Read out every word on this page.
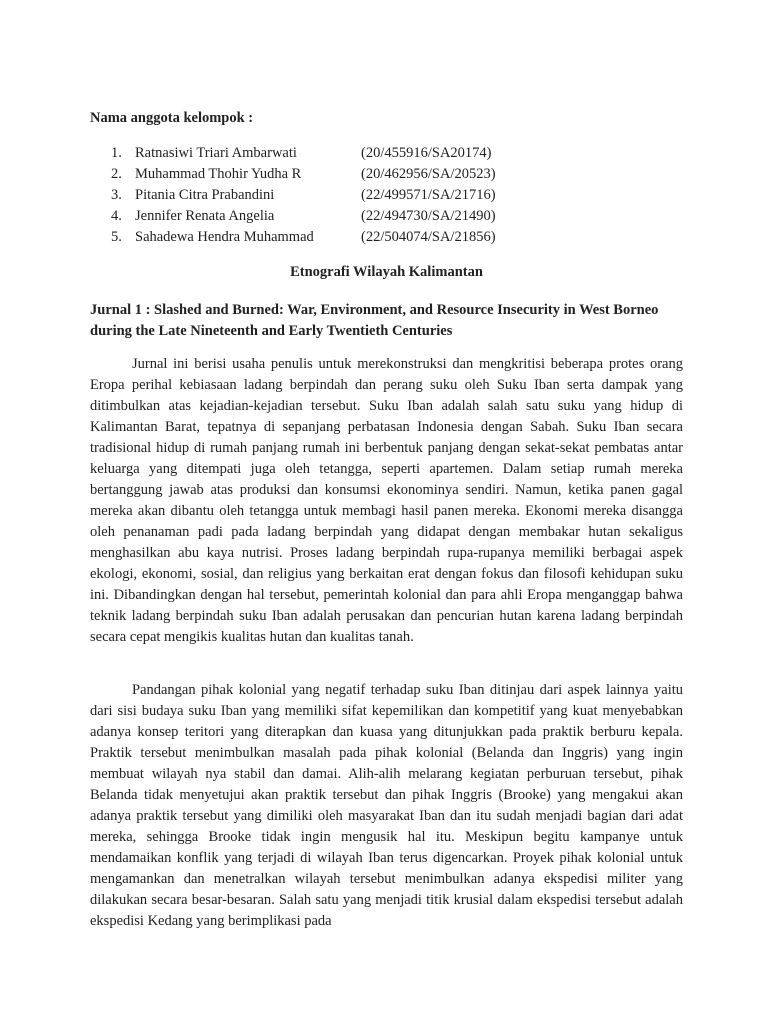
Nama anggota kelompok :
1. Ratnasiwi Triari Ambarwati	(20/455916/SA20174)
2. Muhammad Thohir Yudha R	(20/462956/SA/20523)
3. Pitania Citra Prabandini	(22/499571/SA/21716)
4. Jennifer Renata Angelia	(22/494730/SA/21490)
5. Sahadewa Hendra Muhammad	(22/504074/SA/21856)
Etnografi Wilayah Kalimantan
Jurnal 1 : Slashed and Burned: War, Environment, and Resource Insecurity in West Borneo during the Late Nineteenth and Early Twentieth Centuries

Jurnal ini berisi usaha penulis untuk merekonstruksi dan mengkritisi beberapa protes orang Eropa perihal kebiasaan ladang berpindah dan perang suku oleh Suku Iban serta dampak yang ditimbulkan atas kejadian-kejadian tersebut. Suku Iban adalah salah satu suku yang hidup di Kalimantan Barat, tepatnya di sepanjang perbatasan Indonesia dengan Sabah. Suku Iban secara tradisional hidup di rumah panjang rumah ini berbentuk panjang dengan sekat-sekat pembatas antar keluarga yang ditempati juga oleh tetangga, seperti apartemen. Dalam setiap rumah mereka bertanggung jawab atas produksi dan konsumsi ekonominya sendiri. Namun, ketika panen gagal mereka akan dibantu oleh tetangga untuk membagi hasil panen mereka. Ekonomi mereka disangga oleh penanaman padi pada ladang berpindah yang didapat dengan membakar hutan sekaligus menghasilkan abu kaya nutrisi. Proses ladang berpindah rupa-rupanya memiliki berbagai aspek ekologi, ekonomi, sosial, dan religius yang berkaitan erat dengan fokus dan filosofi kehidupan suku ini. Dibandingkan dengan hal tersebut, pemerintah kolonial dan para ahli Eropa menganggap bahwa teknik ladang berpindah suku Iban adalah perusakan dan pencurian hutan karena ladang berpindah secara cepat mengikis kualitas hutan dan kualitas tanah.

Pandangan pihak kolonial yang negatif terhadap suku Iban ditinjau dari aspek lainnya yaitu dari sisi budaya suku Iban yang memiliki sifat kepemilikan dan kompetitif yang kuat menyebabkan adanya konsep teritori yang diterapkan dan kuasa yang ditunjukkan pada praktik berburu kepala. Praktik tersebut menimbulkan masalah pada pihak kolonial (Belanda dan Inggris) yang ingin membuat wilayah nya stabil dan damai. Alih-alih melarang kegiatan perburuan tersebut, pihak Belanda tidak menyetujui akan praktik tersebut dan pihak Inggris (Brooke) yang mengakui akan adanya praktik tersebut yang dimiliki oleh masyarakat Iban dan itu sudah menjadi bagian dari adat mereka, sehingga Brooke tidak ingin mengusik hal itu. Meskipun begitu kampanye untuk mendamaikan konflik yang terjadi di wilayah Iban terus digencarkan. Proyek pihak kolonial untuk mengamankan dan menetralkan wilayah tersebut menimbulkan adanya ekspedisi militer yang dilakukan secara besar-besaran. Salah satu yang menjadi titik krusial dalam ekspedisi tersebut adalah ekspedisi Kedang yang berimplikasi pada
